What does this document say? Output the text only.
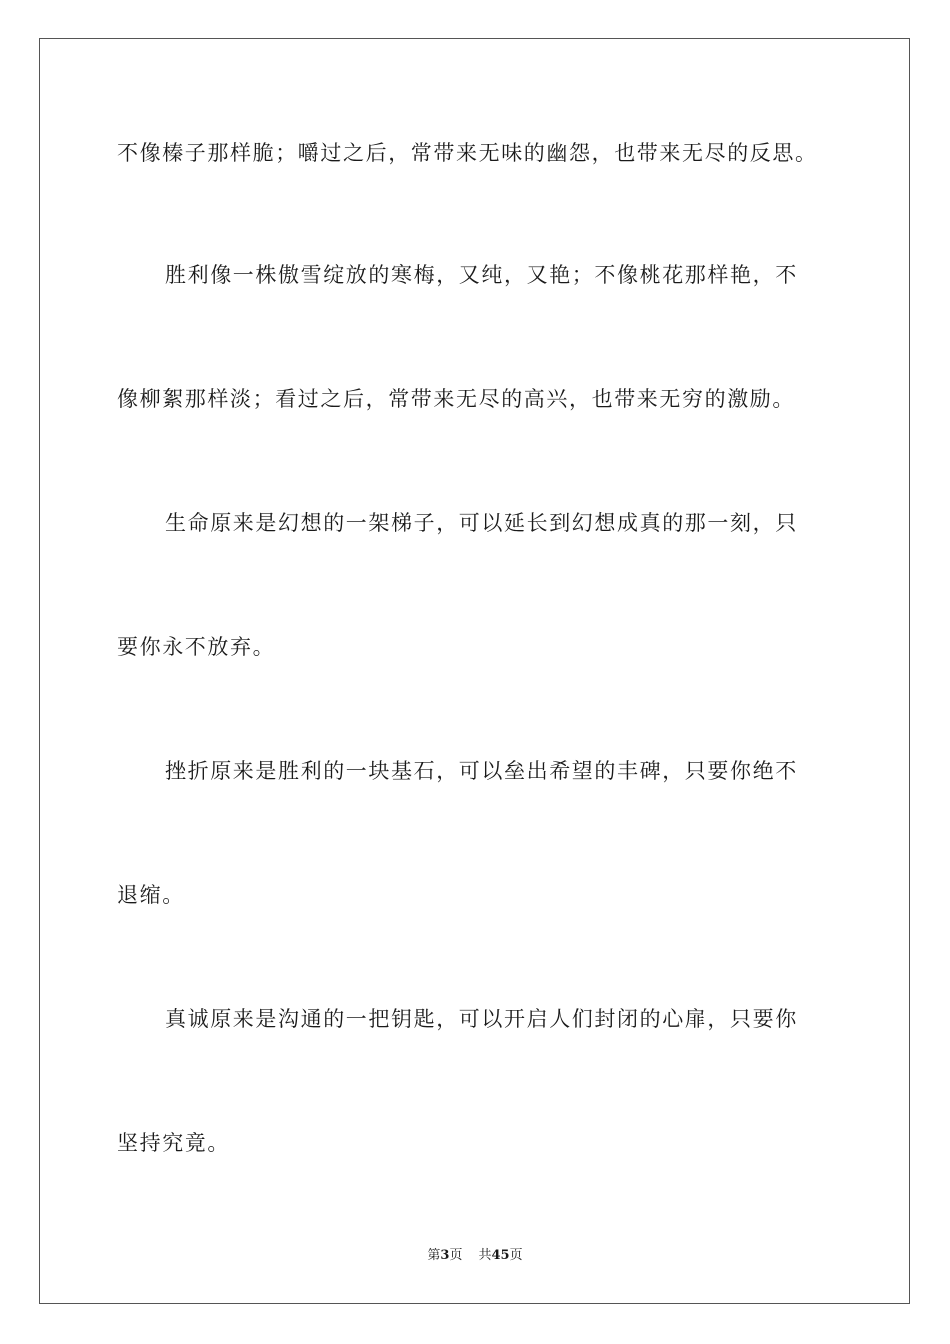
不像榛子那样脆；嚼过之后，常带来无味的幽怨，也带来无尽的反思。
胜利像一株傲雪绽放的寒梅，又纯，又艳；不像桃花那样艳，不
像柳絮那样淡；看过之后，常带来无尽的高兴，也带来无穷的激励。
生命原来是幻想的一架梯子，可以延长到幻想成真的那一刻，只
要你永不放弃。
挫折原来是胜利的一块基石，可以垒出希望的丰碑，只要你绝不
退缩。
真诚原来是沟通的一把钥匙，可以开启人们封闭的心扉，只要你
坚持究竟。
第3页 共45页
